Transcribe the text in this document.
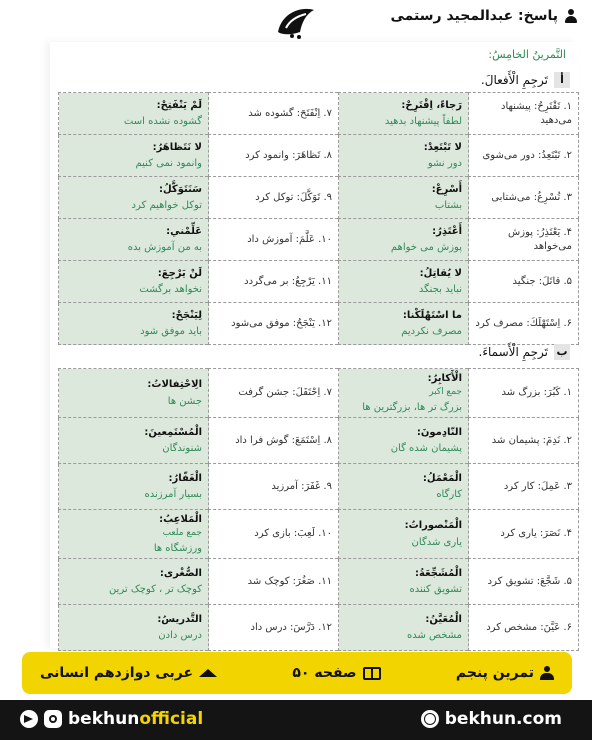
پاسخ: عبدالمجید رستمی
التَّمرينُ الخامِسُ:
أ
تَرجِمِ الْأَفعالَ.
۱. تَقْتَرِحُ: پیشنهاد می‌دهید	رَجاءً، اِقْتَرِحْ:
لطفاً پیشنهاد بدهید	۷. اِنْفَتَحَ: گشوده شد	لَمْ يَنْفَتِحْ:
گشوده نشده است

۲. تَبْتَعِدُ: دور می‌شوی	لا تَبْتَعِدْ:
دور نشو	۸. تَظاهَرَ: وانمود کرد	لا نَتَظاهَرُ:
وانمود نمی کنیم

۳. تُسْرِعُ: می‌شتابی	أَسْرِعْ:
بشتاب	۹. تَوَكَّلَ: توکل کرد	سَنَتَوَكَّلُ:
توکل خواهیم کرد

۴. يَعْتَذِرُ: پوزش می‌خواهد	أَعْتَذِرُ:
پوزش می خواهم	۱۰. عَلَّمَ: آموزش داد	عَلِّمْني:
به من آموزش بده

۵. قاتَلَ: جنگید	لا يُقاتِلُ:
نباید بجنگد	۱۱. يَرْجِعُ: بر می‌گردد	لَنْ يَرْجِعَ:
نخواهد برگشت

۶. اِسْتَهْلَكَ: مصرف کرد	ما اسْتَهْلَكْنا:
مصرف نکردیم	۱۲. يَنْجَحُ: موفق می‌شود	لِيَنْجَحْ:
باید موفق شود
ب
تَرجِمِ الْأَسماءَ.
۱. كَبُرَ: بزرگ شد	الْأَكابِرُ:
جمع اکبر
بزرگ تر ها، بزرگترین ها	۷. اِحْتَفَلَ: جشن گرفت	الِاحْتِفالاتُ:
جشن ها

۲. نَدِمَ: پشیمان شد	النّادِمونَ:
پشیمان شده گان	۸. اِسْتَمَعَ: گوش فرا داد	الْمُسْتَمِعينَ:
شنوندگان

۳. عَمِلَ: کار کرد	الْمَعْمَلُ:
کارگاه	۹. غَفَرَ: آمرزید	الْغَفّارُ:
بسیار آمرزنده

۴. نَصَرَ: یاری کرد	الْمَنْصوراتُ:
یاری شدگان	۱۰. لَعِبَ: بازی کرد	الْمَلاعِبُ:
جمع ملعب
ورزشگاه ها

۵. شَجَّعَ: تشویق کرد	الْمُشَجِّعَةُ:
تشویق کننده	۱۱. صَغُرَ: کوچک شد	الصُّغْرى:
کوچک تر ، کوچک ترین

۶. عَيَّنَ: مشخص کرد	الْمُعَيَّنُ:
مشخص شده	۱۲. دَرَّسَ: درس داد	التَّدريسُ:
درس دادن
تمرین پنجم
صفحه ۵۰
عربی دوازدهم انسانی
bekhunofficial	bekhun.com
